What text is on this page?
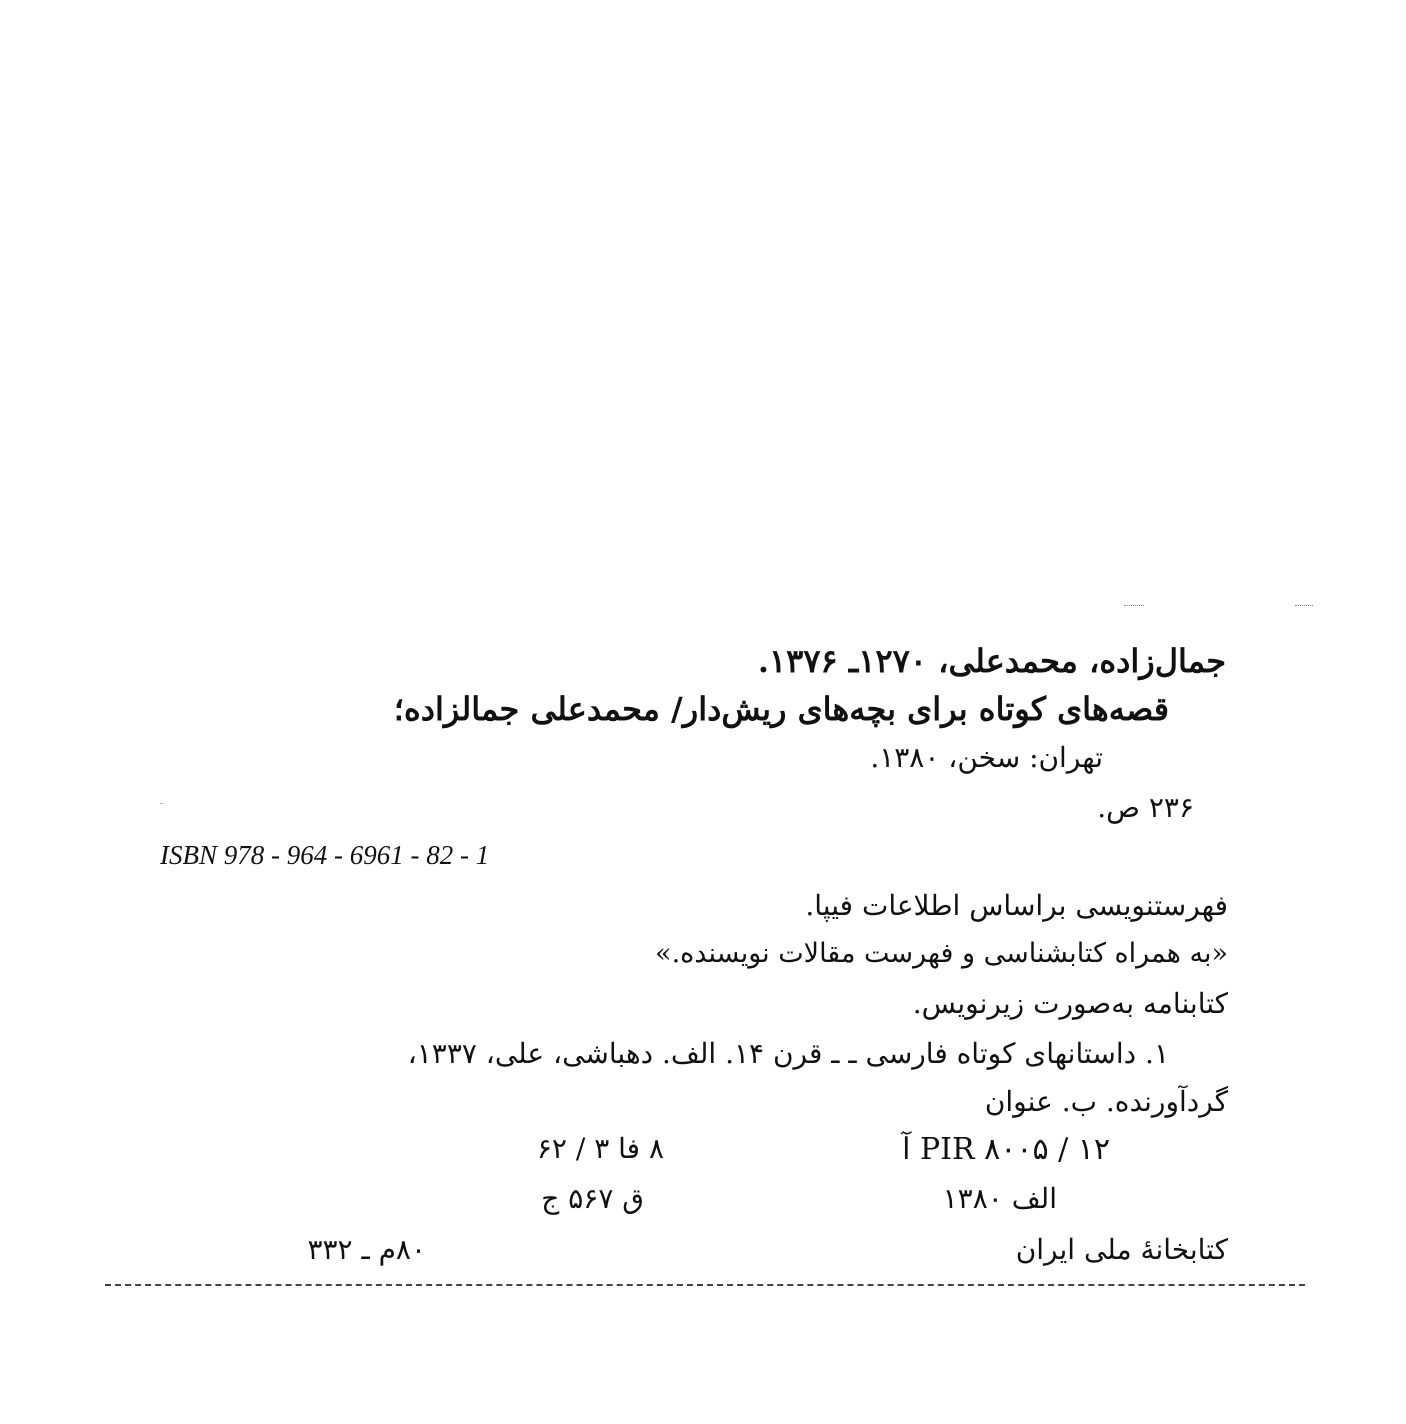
جمال‌زاده، محمدعلی، ۱۲۷۰ـ ۱۳۷۶.
قصه‌های کوتاه برای بچه‌های ریش‌دار/ محمدعلی جمالزاده؛
تهران: سخن، ۱۳۸۰.
۲۳۶ ص.
ISBN 978 - 964 - 6961 - 82 - 1
فهرستنویسی براساس اطلاعات فیپا.
«به همراه کتابشناسی و فهرست مقالات نویسنده.»
کتابنامه به‌صورت زیرنویس.
۱. داستانهای کوتاه فارسی ـ ـ قرن ۱۴. الف. دهباشی، علی، ۱۳۳۷،
گردآورنده. ب. عنوان
PIR ۸۰۰۵ / ۱۲ آ
۸ فا ۳ / ۶۲
الف ۱۳۸۰
ق ۵۶۷ ج
کتابخانهٔ ملی ایران
۸۰م ـ ۳۳۲
